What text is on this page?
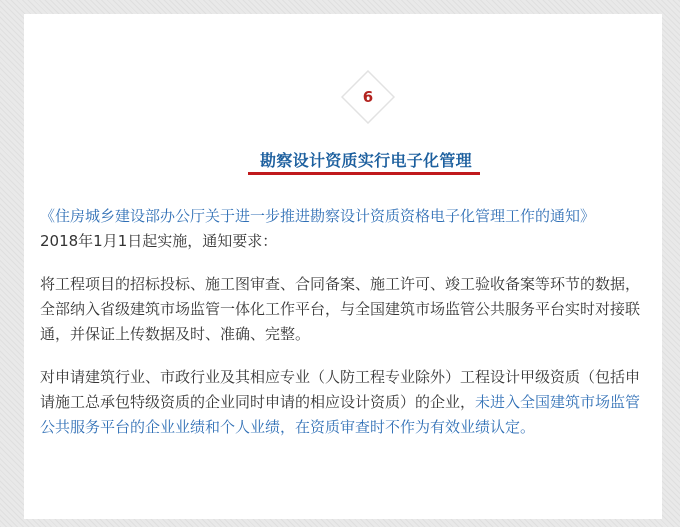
6
勘察设计资质实行电子化管理

《住房城乡建设部办公厅关于进一步推进勘察设计资质资格电子化管理工作的通知》
2018年1月1日起实施，通知要求：

将工程项目的招标投标、施工图审查、合同备案、施工许可、竣工验收备案等环节的数据，全部纳入省级建筑市场监管一体化工作平台，与全国建筑市场监管公共服务平台实时对接联通，并保证上传数据及时、准确、完整。

对申请建筑行业、市政行业及其相应专业（人防工程专业除外）工程设计甲级资质（包括申请施工总承包特级资质的企业同时申请的相应设计资质）的企业，未进入全国建筑市场监管公共服务平台的企业业绩和个人业绩，在资质审查时不作为有效业绩认定。
